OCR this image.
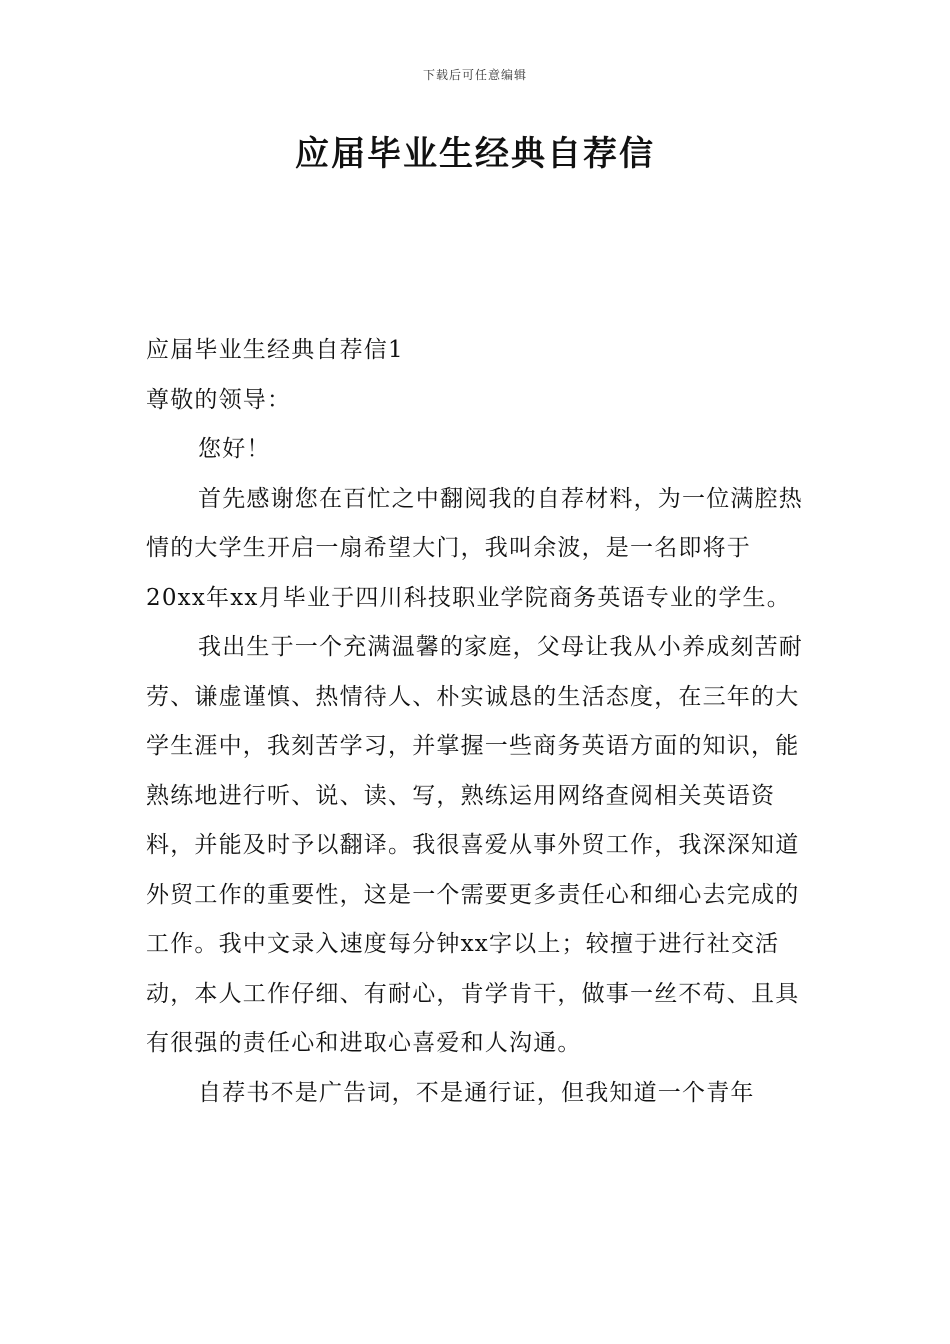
下载后可任意编辑
应届毕业生经典自荐信

应届毕业生经典自荐信1

尊敬的领导：

您好！

首先感谢您在百忙之中翻阅我的自荐材料，为一位满腔热情的大学生开启一扇希望大门，我叫余波，是一名即将于20xx年xx月毕业于四川科技职业学院商务英语专业的学生。

我出生于一个充满温馨的家庭，父母让我从小养成刻苦耐劳、谦虚谨慎、热情待人、朴实诚恳的生活态度，在三年的大学生涯中，我刻苦学习，并掌握一些商务英语方面的知识，能熟练地进行听、说、读、写，熟练运用网络查阅相关英语资料，并能及时予以翻译。我很喜爱从事外贸工作，我深深知道外贸工作的重要性，这是一个需要更多责任心和细心去完成的工作。我中文录入速度每分钟xx字以上；较擅于进行社交活动，本人工作仔细、有耐心，肯学肯干，做事一丝不苟、且具有很强的责任心和进取心喜爱和人沟通。

自荐书不是广告词，不是通行证，但我知道一个青年
